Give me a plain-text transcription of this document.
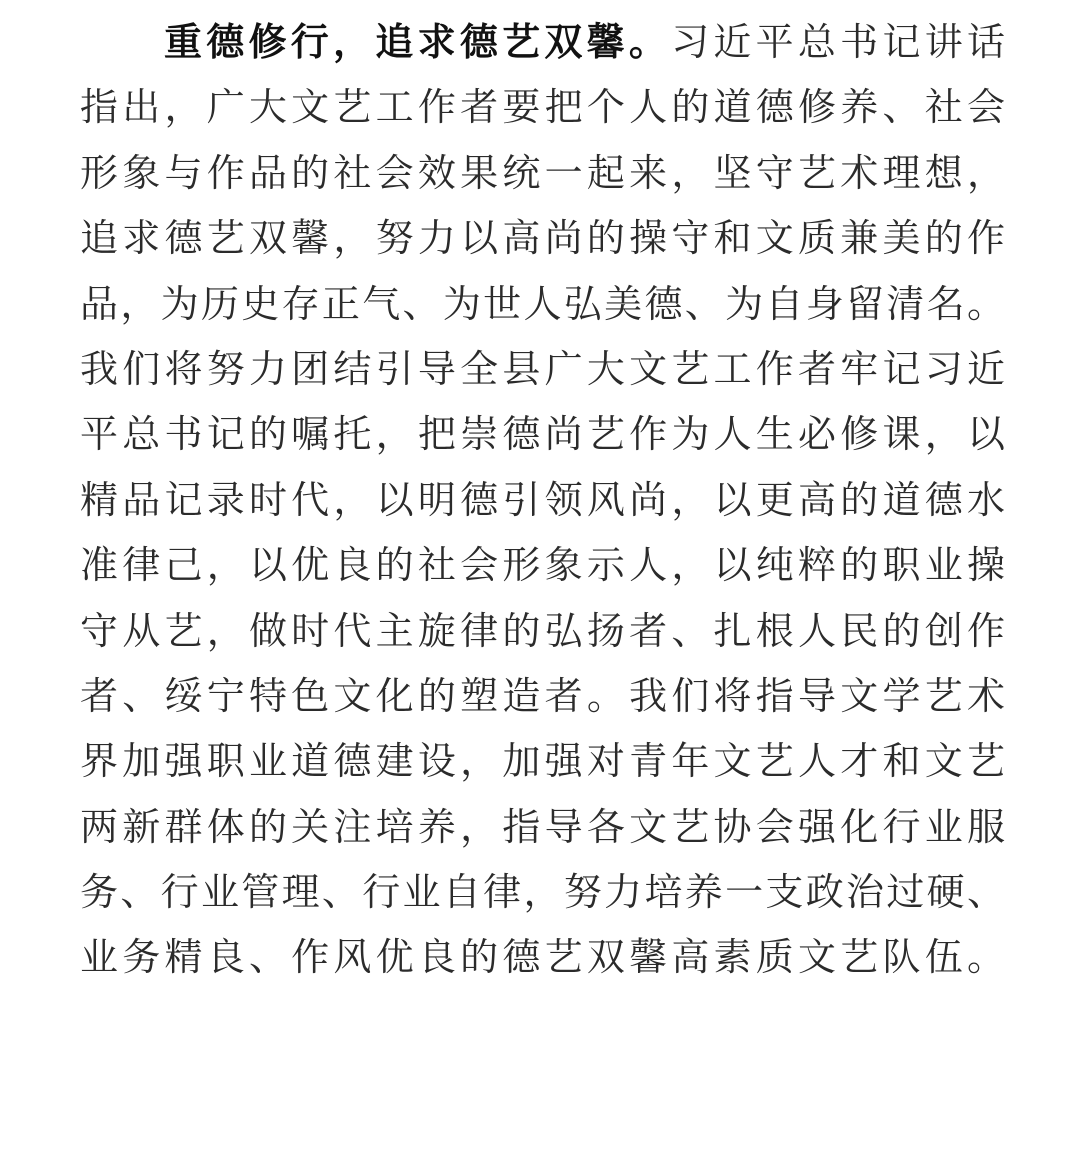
重德修行，追求德艺双馨。习近平总书记讲话
指出，广大文艺工作者要把个人的道德修养、社会
形象与作品的社会效果统一起来，坚守艺术理想，
追求德艺双馨，努力以高尚的操守和文质兼美的作
品，为历史存正气、为世人弘美德、为自身留清名。
我们将努力团结引导全县广大文艺工作者牢记习近
平总书记的嘱托，把崇德尚艺作为人生必修课，以
精品记录时代，以明德引领风尚，以更高的道德水
准律己，以优良的社会形象示人，以纯粹的职业操
守从艺，做时代主旋律的弘扬者、扎根人民的创作
者、绥宁特色文化的塑造者。我们将指导文学艺术
界加强职业道德建设，加强对青年文艺人才和文艺
两新群体的关注培养，指导各文艺协会强化行业服
务、行业管理、行业自律，努力培养一支政治过硬、
业务精良、作风优良的德艺双馨高素质文艺队伍。
